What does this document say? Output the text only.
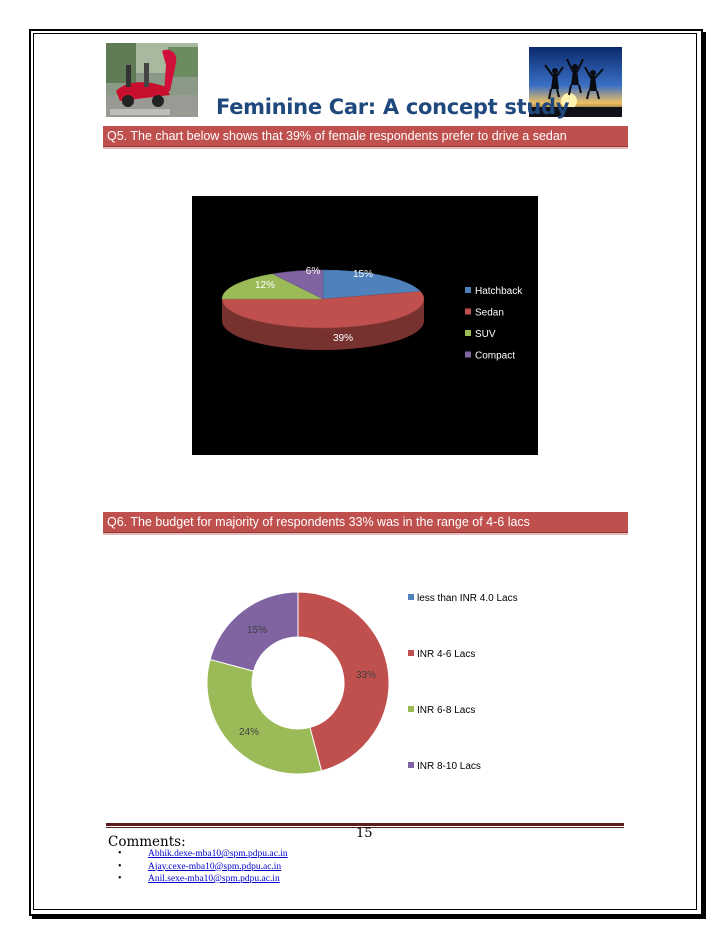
Feminine Car: A concept study
Q5. The chart below shows that 39% of female respondents prefer to drive a sedan
15%
39%
12%
6%
Hatchback
Sedan
SUV
Compact
Q6. The budget for majority of respondents 33% was in the range of 4-6 lacs
33%
24%
15%
less than INR 4.0 Lacs
INR 4-6 Lacs
INR 6-8 Lacs
INR 8-10 Lacs
15
Comments:
• Abhik.dexe-mba10@spm.pdpu.ac.in
• Ajay.cexe-mba10@spm.pdpu.ac.in
• Anil.sexe-mba10@spm.pdpu.ac.in
